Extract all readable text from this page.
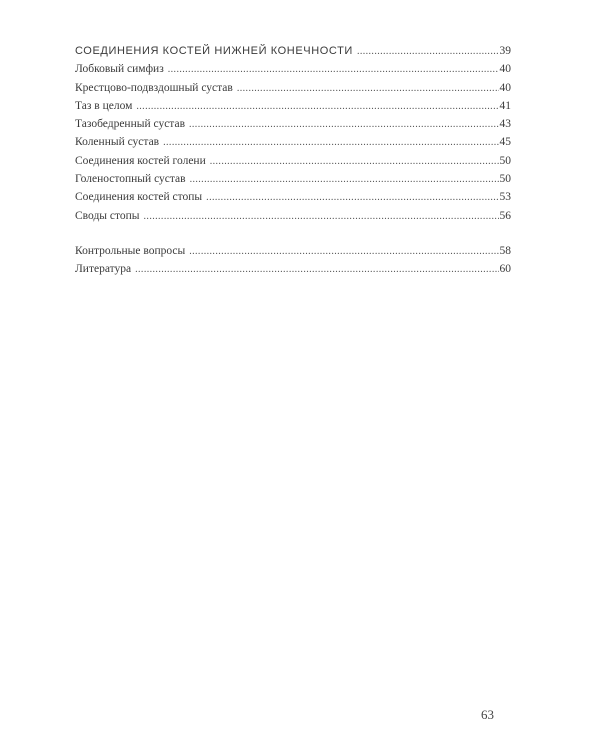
СОЕДИНЕНИЯ КОСТЕЙ НИЖНЕЙ КОНЕЧНОСТИ .....	39
Лобковый симфиз .....	40
Крестцово-подвздошный сустав .....	40
Таз в целом .....	41
Тазобедренный сустав .....	43
Коленный сустав .....	45
Соединения костей голени .....	50
Голеностопный сустав .....	50
Соединения костей стопы .....	53
Своды стопы .....	56
Контрольные вопросы .....	58
Литература .....	60
63
